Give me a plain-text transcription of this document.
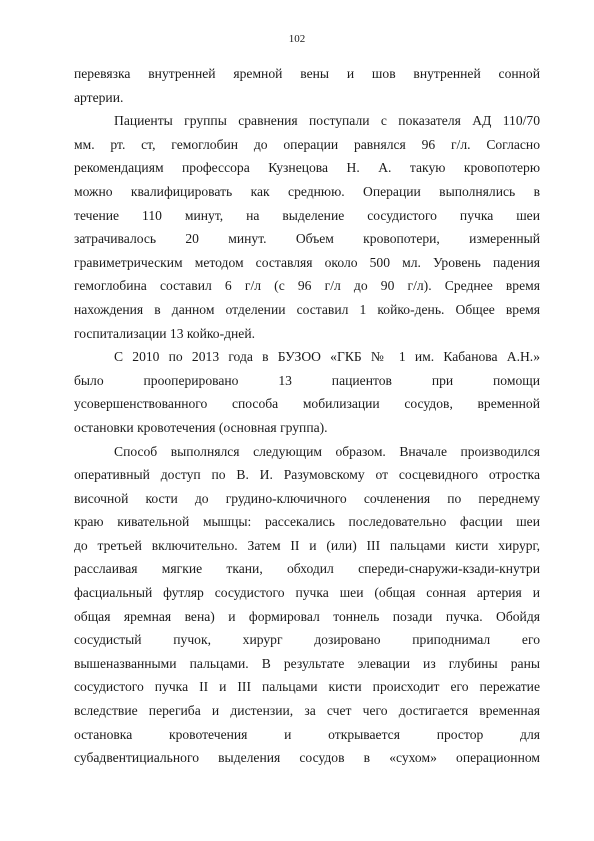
102
перевязка внутренней яремной вены и шов внутренней сонной
артерии.
Пациенты группы сравнения поступали с показателя АД 110/70
мм. рт. ст, гемоглобин до операции равнялся 96 г/л. Согласно
рекомендациям профессора Кузнецова Н. А. такую кровопотерю
можно квалифицировать как среднюю. Операции выполнялись в
течение 110 минут, на выделение сосудистого пучка шеи
затрачивалось 20 минут. Объем кровопотери, измеренный
гравиметрическим методом составляя около 500 мл. Уровень падения
гемоглобина составил 6 г/л (с 96 г/л до 90 г/л). Среднее время
нахождения в данном отделении составил 1 койко-день. Общее время
госпитализации 13 койко-дней.
С 2010 по 2013 года в БУЗОО «ГКБ № 1 им. Кабанова А.Н.»
было прооперировано 13 пациентов при помощи
усовершенствованного способа мобилизации сосудов, временной
остановки кровотечения (основная группа).
Способ выполнялся следующим образом. Вначале производился
оперативный доступ по В. И. Разумовскому от сосцевидного отростка
височной кости до грудино-ключичного сочленения по переднему
краю кивательной мышцы: рассекались последовательно фасции шеи
до третьей включительно. Затем II и (или) III пальцами кисти хирург,
расслаивая мягкие ткани, обходил спереди-снаружи-кзади-кнутри
фасциальный футляр сосудистого пучка шеи (общая сонная артерия и
общая яремная вена) и формировал тоннель позади пучка. Обойдя
сосудистый пучок, хирург дозировано приподнимал его
вышеназванными пальцами. В результате элевации из глубины раны
сосудистого пучка II и III пальцами кисти происходит его пережатие
вследствие перегиба и дистензии, за счет чего достигается временная
остановка кровотечения и открывается простор для
субадвентициального выделения сосудов в «сухом» операционном
